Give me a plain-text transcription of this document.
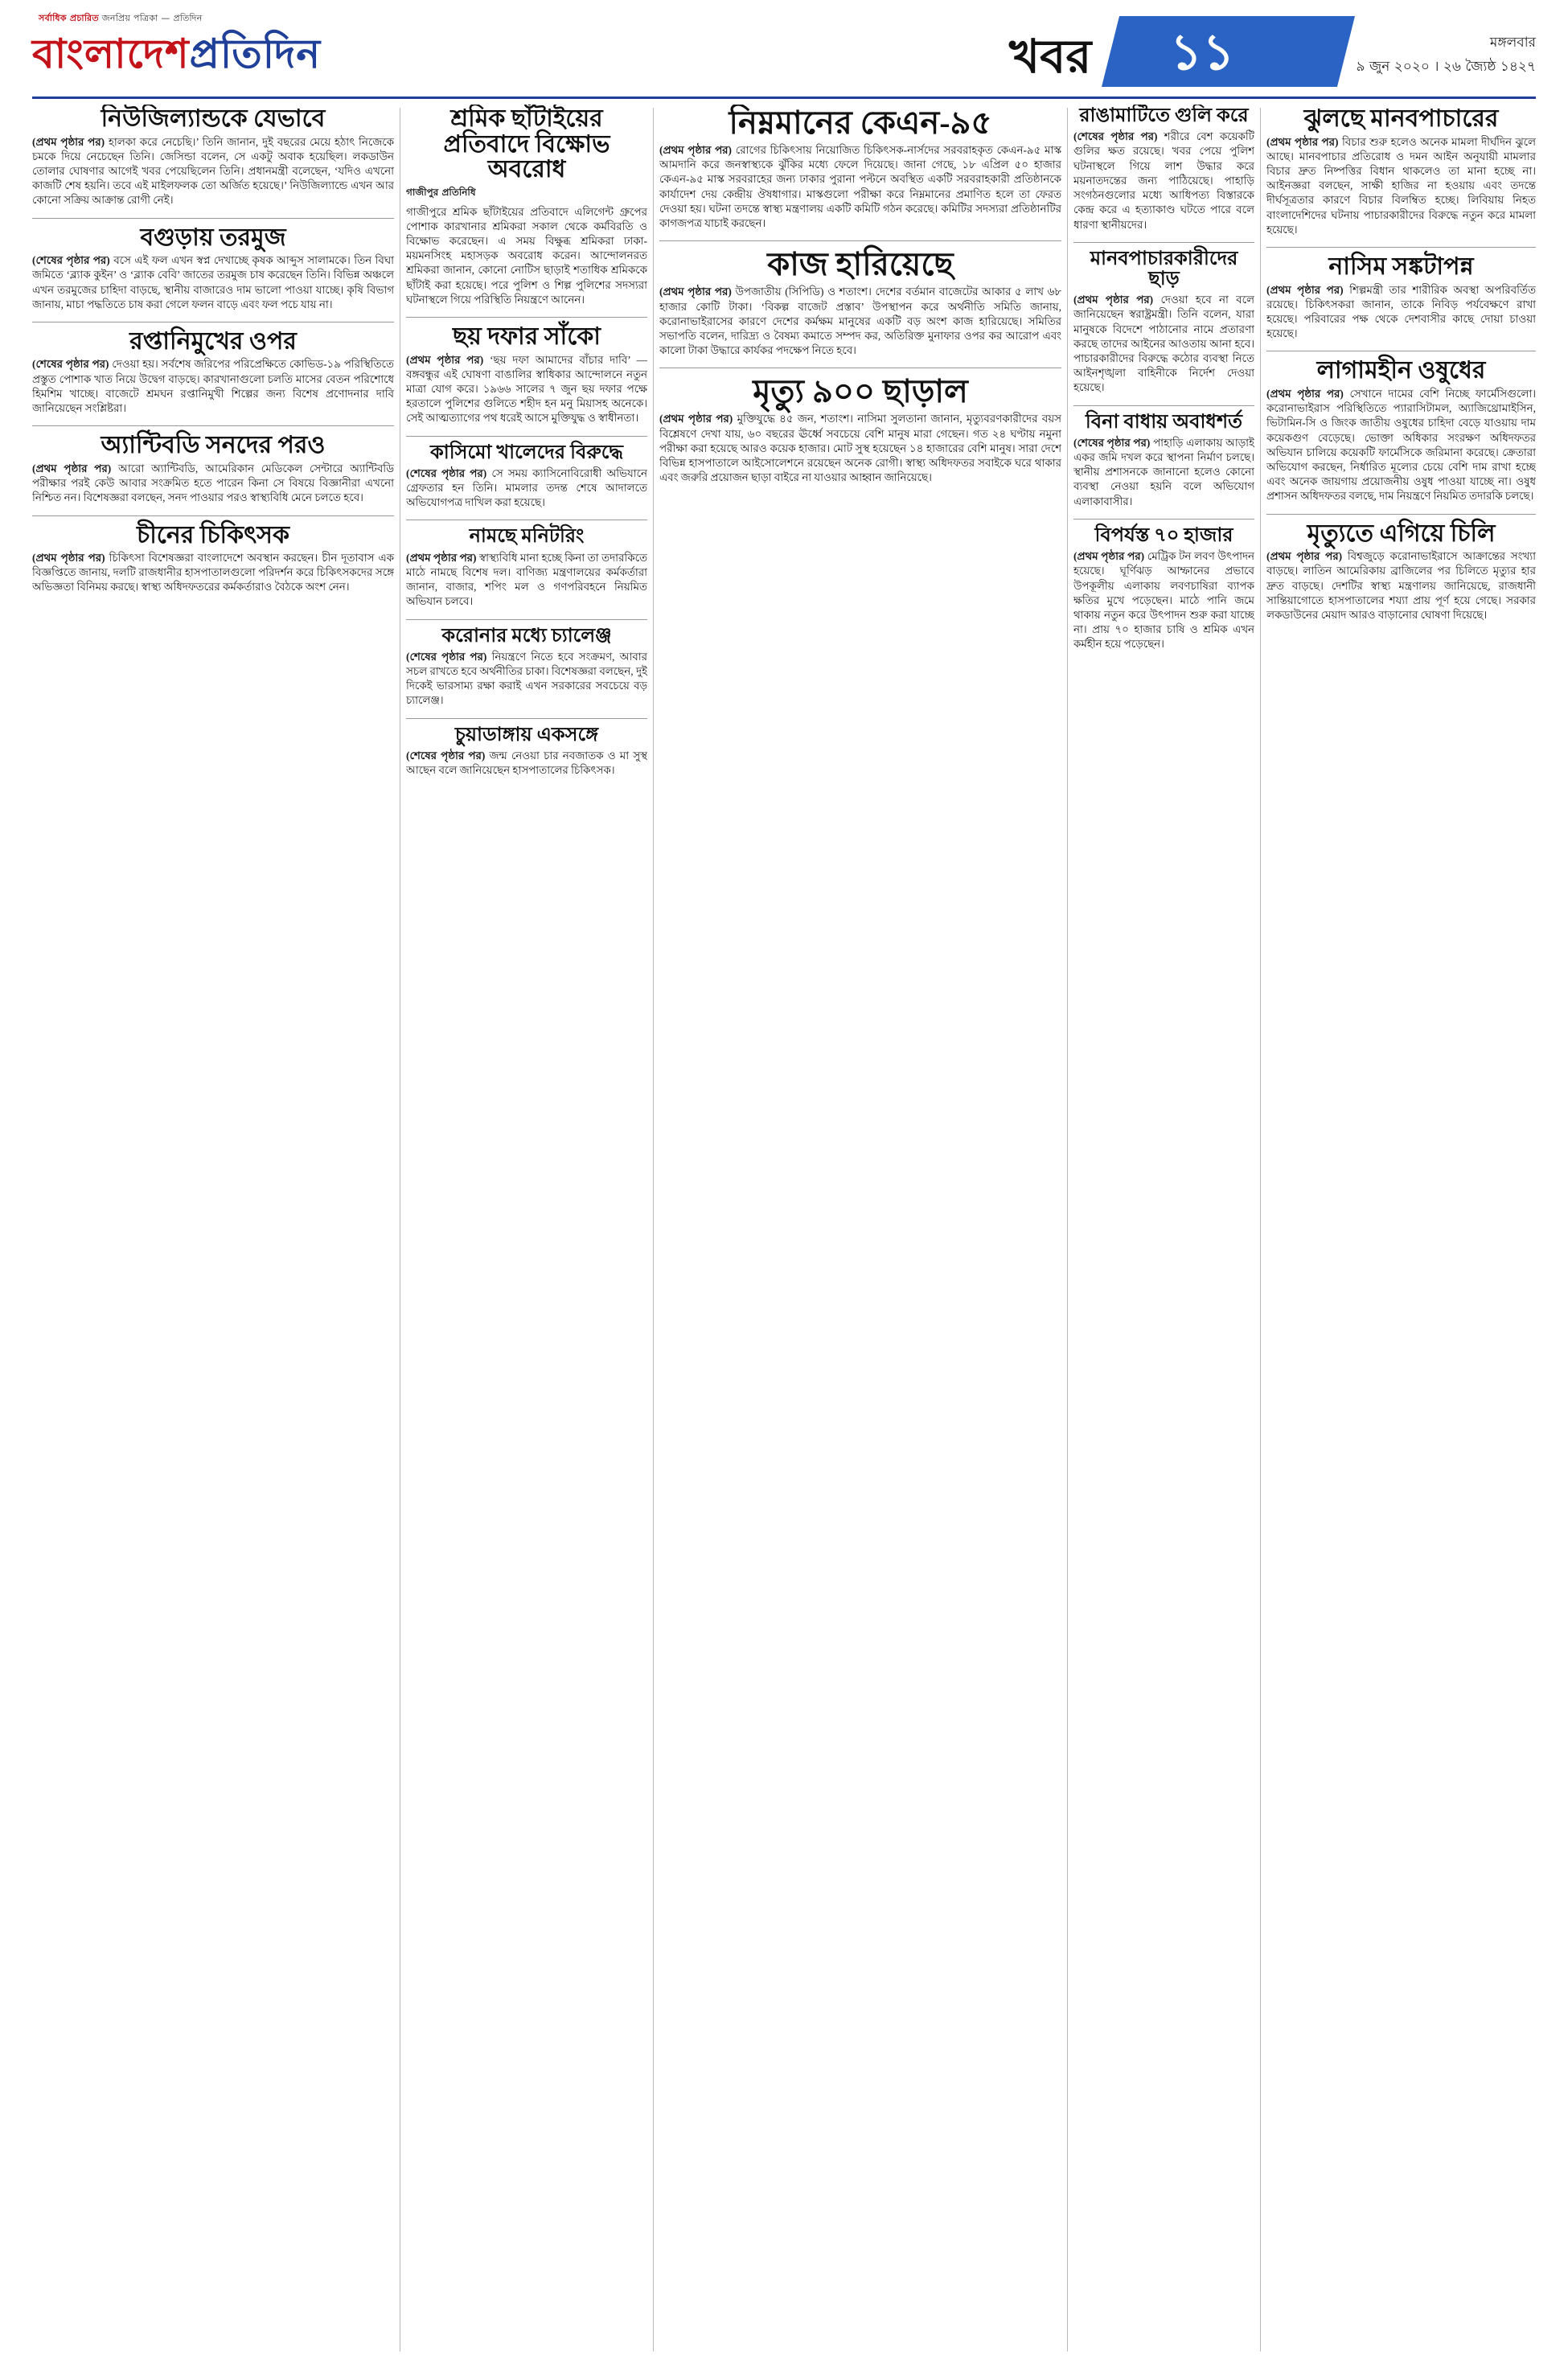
সর্বাধিক প্রচারিত জনপ্রিয় পত্রিকা — প্রতিদিন
বাংলাদেশপ্রতিদিন	খবর ১১	মঙ্গলবার
৯ জুন ২০২০ । ২৬ জ্যৈষ্ঠ ১৪২৭
নিউজিল্যান্ডকে যেভাবে

(প্রথম পৃষ্ঠার পর) হালকা করে নেচেছি।’ তিনি জানান, দুই বছরের মেয়ে হঠাৎ নিজেকে চমকে দিয়ে নেচেছেন তিনি। জেসিন্ডা বলেন, সে একটু অবাক হয়েছিল। লকডাউন তোলার ঘোষণার আগেই খবর পেয়েছিলেন তিনি। প্রধানমন্ত্রী বলেছেন, ‘যদিও এখনো কাজটি শেষ হয়নি। তবে এই মাইলফলক তো অর্জিত হয়েছে।’ নিউজিল্যান্ডে এখন আর কোনো সক্রিয় আক্রান্ত রোগী নেই।

বগুড়ায় তরমুজ

(শেষের পৃষ্ঠার পর) বসে এই ফল এখন স্বপ্ন দেখাচ্ছে কৃষক আব্দুস সালামকে। তিন বিঘা জমিতে ‘ব্ল্যাক কুইন’ ও ‘ব্ল্যাক বেবি’ জাতের তরমুজ চাষ করেছেন তিনি। বিভিন্ন অঞ্চলে এখন তরমুজের চাহিদা বাড়ছে, স্থানীয় বাজারেও দাম ভালো পাওয়া যাচ্ছে। কৃষি বিভাগ জানায়, মাচা পদ্ধতিতে চাষ করা গেলে ফলন বাড়ে এবং ফল পচে যায় না।

রপ্তানিমুখের ওপর

(শেষের পৃষ্ঠার পর) দেওয়া হয়। সর্বশেষ জরিপের পরিপ্রেক্ষিতে কোভিড-১৯ পরিস্থিতিতে প্রস্তুত পোশাক খাত নিয়ে উদ্বেগ বাড়ছে। কারখানাগুলো চলতি মাসের বেতন পরিশোধে হিমশিম খাচ্ছে। বাজেটে শ্রমঘন রপ্তানিমুখী শিল্পের জন্য বিশেষ প্রণোদনার দাবি জানিয়েছেন সংশ্লিষ্টরা।

অ্যান্টিবডি সনদের পরও

(প্রথম পৃষ্ঠার পর) আরো অ্যান্টিবডি, আমেরিকান মেডিকেল সেন্টারে অ্যান্টিবডি পরীক্ষার পরই কেউ আবার সংক্রমিত হতে পারেন কিনা সে বিষয়ে বিজ্ঞানীরা এখনো নিশ্চিত নন। বিশেষজ্ঞরা বলছেন, সনদ পাওয়ার পরও স্বাস্থ্যবিধি মেনে চলতে হবে।

চীনের চিকিৎসক

(প্রথম পৃষ্ঠার পর) চিকিৎসা বিশেষজ্ঞরা বাংলাদেশে অবস্থান করছেন। চীন দূতাবাস এক বিজ্ঞপ্তিতে জানায়, দলটি রাজধানীর হাসপাতালগুলো পরিদর্শন করে চিকিৎসকদের সঙ্গে অভিজ্ঞতা বিনিময় করছে। স্বাস্থ্য অধিদফতরের কর্মকর্তারাও বৈঠকে অংশ নেন।

শ্রমিক ছাঁটাইয়ের প্রতিবাদে বিক্ষোভ অবরোধ
গাজীপুর প্রতিনিধি

গাজীপুরে শ্রমিক ছাঁটাইয়ের প্রতিবাদে এলিগেন্ট গ্রুপের পোশাক কারখানার শ্রমিকরা সকাল থেকে কর্মবিরতি ও বিক্ষোভ করেছেন। এ সময় বিক্ষুব্ধ শ্রমিকরা ঢাকা-ময়মনসিংহ মহাসড়ক অবরোধ করেন। আন্দোলনরত শ্রমিকরা জানান, কোনো নোটিস ছাড়াই শতাধিক শ্রমিককে ছাঁটাই করা হয়েছে। পরে পুলিশ ও শিল্প পুলিশের সদস্যরা ঘটনাস্থলে গিয়ে পরিস্থিতি নিয়ন্ত্রণে আনেন।

ছয় দফার সাঁকো

(প্রথম পৃষ্ঠার পর) ‘ছয় দফা আমাদের বাঁচার দাবি’ — বঙ্গবন্ধুর এই ঘোষণা বাঙালির স্বাধিকার আন্দোলনে নতুন মাত্রা যোগ করে। ১৯৬৬ সালের ৭ জুন ছয় দফার পক্ষে হরতালে পুলিশের গুলিতে শহীদ হন মনু মিয়াসহ অনেকে। সেই আত্মত্যাগের পথ ধরেই আসে মুক্তিযুদ্ধ ও স্বাধীনতা।

কাসিমো খালেদের বিরুদ্ধে

(শেষের পৃষ্ঠার পর) সে সময় ক্যাসিনোবিরোধী অভিযানে গ্রেফতার হন তিনি। মামলার তদন্ত শেষে আদালতে অভিযোগপত্র দাখিল করা হয়েছে।

নামছে মনিটরিং

(প্রথম পৃষ্ঠার পর) স্বাস্থ্যবিধি মানা হচ্ছে কিনা তা তদারকিতে মাঠে নামছে বিশেষ দল। বাণিজ্য মন্ত্রণালয়ের কর্মকর্তারা জানান, বাজার, শপিং মল ও গণপরিবহনে নিয়মিত অভিযান চলবে।

করোনার মধ্যে চ্যালেঞ্জ

(শেষের পৃষ্ঠার পর) নিয়ন্ত্রণে নিতে হবে সংক্রমণ, আবার সচল রাখতে হবে অর্থনীতির চাকা। বিশেষজ্ঞরা বলছেন, দুই দিকেই ভারসাম্য রক্ষা করাই এখন সরকারের সবচেয়ে বড় চ্যালেঞ্জ।

চুয়াডাঙ্গায় একসঙ্গে

(শেষের পৃষ্ঠার পর) জন্ম নেওয়া চার নবজাতক ও মা সুস্থ আছেন বলে জানিয়েছেন হাসপাতালের চিকিৎসক।

নিম্নমানের কেএন-৯৫

(প্রথম পৃষ্ঠার পর) রোগের চিকিৎসায় নিয়োজিত চিকিৎসক-নার্সদের সরবরাহকৃত কেএন-৯৫ মাস্ক আমদানি করে জনস্বাস্থ্যকে ঝুঁকির মধ্যে ফেলে দিয়েছে। জানা গেছে, ১৮ এপ্রিল ৫০ হাজার কেএন-৯৫ মাস্ক সরবরাহের জন্য ঢাকার পুরানা পল্টনে অবস্থিত একটি সরবরাহকারী প্রতিষ্ঠানকে কার্যাদেশ দেয় কেন্দ্রীয় ঔষধাগার। মাস্কগুলো পরীক্ষা করে নিম্নমানের প্রমাণিত হলে তা ফেরত দেওয়া হয়। ঘটনা তদন্তে স্বাস্থ্য মন্ত্রণালয় একটি কমিটি গঠন করেছে। কমিটির সদস্যরা প্রতিষ্ঠানটির কাগজপত্র যাচাই করছেন।

কাজ হারিয়েছে

(প্রথম পৃষ্ঠার পর) উপজাতীয় (সিপিডি) ও শতাংশ। দেশের বর্তমান বাজেটের আকার ৫ লাখ ৬৮ হাজার কোটি টাকা। ‘বিকল্প বাজেট প্রস্তাব’ উপস্থাপন করে অর্থনীতি সমিতি জানায়, করোনাভাইরাসের কারণে দেশের কর্মক্ষম মানুষের একটি বড় অংশ কাজ হারিয়েছে। সমিতির সভাপতি বলেন, দারিদ্র্য ও বৈষম্য কমাতে সম্পদ কর, অতিরিক্ত মুনাফার ওপর কর আরোপ এবং কালো টাকা উদ্ধারে কার্যকর পদক্ষেপ নিতে হবে।

মৃত্যু ৯০০ ছাড়াল

(প্রথম পৃষ্ঠার পর) মুক্তিযুদ্ধে ৪৫ জন, শতাংশ। নাসিমা সুলতানা জানান, মৃত্যুবরণকারীদের বয়স বিশ্লেষণে দেখা যায়, ৬০ বছরের ঊর্ধ্বে সবচেয়ে বেশি মানুষ মারা গেছেন। গত ২৪ ঘণ্টায় নমুনা পরীক্ষা করা হয়েছে আরও কয়েক হাজার। মোট সুস্থ হয়েছেন ১৪ হাজারের বেশি মানুষ। সারা দেশে বিভিন্ন হাসপাতালে আইসোলেশনে রয়েছেন অনেক রোগী। স্বাস্থ্য অধিদফতর সবাইকে ঘরে থাকার এবং জরুরি প্রয়োজন ছাড়া বাইরে না যাওয়ার আহ্বান জানিয়েছে।

রাঙামাটিতে গুলি করে

(শেষের পৃষ্ঠার পর) শরীরে বেশ কয়েকটি গুলির ক্ষত রয়েছে। খবর পেয়ে পুলিশ ঘটনাস্থলে গিয়ে লাশ উদ্ধার করে ময়নাতদন্তের জন্য পাঠিয়েছে। পাহাড়ি সংগঠনগুলোর মধ্যে আধিপত্য বিস্তারকে কেন্দ্র করে এ হত্যাকাণ্ড ঘটতে পারে বলে ধারণা স্থানীয়দের।

মানবপাচারকারীদের ছাড়

(প্রথম পৃষ্ঠার পর) দেওয়া হবে না বলে জানিয়েছেন স্বরাষ্ট্রমন্ত্রী। তিনি বলেন, যারা মানুষকে বিদেশে পাঠানোর নামে প্রতারণা করছে তাদের আইনের আওতায় আনা হবে। পাচারকারীদের বিরুদ্ধে কঠোর ব্যবস্থা নিতে আইনশৃঙ্খলা বাহিনীকে নির্দেশ দেওয়া হয়েছে।

বিনা বাধায় অবাধশর্ত

(শেষের পৃষ্ঠার পর) পাহাড়ি এলাকায় আড়াই একর জমি দখল করে স্থাপনা নির্মাণ চলছে। স্থানীয় প্রশাসনকে জানানো হলেও কোনো ব্যবস্থা নেওয়া হয়নি বলে অভিযোগ এলাকাবাসীর।

বিপর্যস্ত ৭০ হাজার

(প্রথম পৃষ্ঠার পর) মেট্রিক টন লবণ উৎপাদন হয়েছে। ঘূর্ণিঝড় আম্ফানের প্রভাবে উপকূলীয় এলাকায় লবণচাষিরা ব্যাপক ক্ষতির মুখে পড়েছেন। মাঠে পানি জমে থাকায় নতুন করে উৎপাদন শুরু করা যাচ্ছে না। প্রায় ৭০ হাজার চাষি ও শ্রমিক এখন কর্মহীন হয়ে পড়েছেন।

ঝুলছে মানবপাচারের

(প্রথম পৃষ্ঠার পর) বিচার শুরু হলেও অনেক মামলা দীর্ঘদিন ঝুলে আছে। মানবপাচার প্রতিরোধ ও দমন আইন অনুযায়ী মামলার বিচার দ্রুত নিষ্পত্তির বিধান থাকলেও তা মানা হচ্ছে না। আইনজ্ঞরা বলছেন, সাক্ষী হাজির না হওয়ায় এবং তদন্তে দীর্ঘসূত্রতার কারণে বিচার বিলম্বিত হচ্ছে। লিবিয়ায় নিহত বাংলাদেশিদের ঘটনায় পাচারকারীদের বিরুদ্ধে নতুন করে মামলা হয়েছে।

নাসিম সঙ্কটাপন্ন

(প্রথম পৃষ্ঠার পর) শিল্পমন্ত্রী তার শারীরিক অবস্থা অপরিবর্তিত রয়েছে। চিকিৎসকরা জানান, তাকে নিবিড় পর্যবেক্ষণে রাখা হয়েছে। পরিবারের পক্ষ থেকে দেশবাসীর কাছে দোয়া চাওয়া হয়েছে।

লাগামহীন ওষুধের

(প্রথম পৃষ্ঠার পর) সেখানে দামের বেশি নিচ্ছে ফার্মেসিগুলো। করোনাভাইরাস পরিস্থিতিতে প্যারাসিটামল, অ্যাজিথ্রোমাইসিন, ভিটামিন-সি ও জিংক জাতীয় ওষুধের চাহিদা বেড়ে যাওয়ায় দাম কয়েকগুণ বেড়েছে। ভোক্তা অধিকার সংরক্ষণ অধিদফতর অভিযান চালিয়ে কয়েকটি ফার্মেসিকে জরিমানা করেছে। ক্রেতারা অভিযোগ করছেন, নির্ধারিত মূল্যের চেয়ে বেশি দাম রাখা হচ্ছে এবং অনেক জায়গায় প্রয়োজনীয় ওষুধ পাওয়া যাচ্ছে না। ওষুধ প্রশাসন অধিদফতর বলছে, দাম নিয়ন্ত্রণে নিয়মিত তদারকি চলছে।

মৃত্যুতে এগিয়ে চিলি

(প্রথম পৃষ্ঠার পর) বিশ্বজুড়ে করোনাভাইরাসে আক্রান্তের সংখ্যা বাড়ছে। লাতিন আমেরিকায় ব্রাজিলের পর চিলিতে মৃত্যুর হার দ্রুত বাড়ছে। দেশটির স্বাস্থ্য মন্ত্রণালয় জানিয়েছে, রাজধানী সান্তিয়াগোতে হাসপাতালের শয্যা প্রায় পূর্ণ হয়ে গেছে। সরকার লকডাউনের মেয়াদ আরও বাড়ানোর ঘোষণা দিয়েছে।
